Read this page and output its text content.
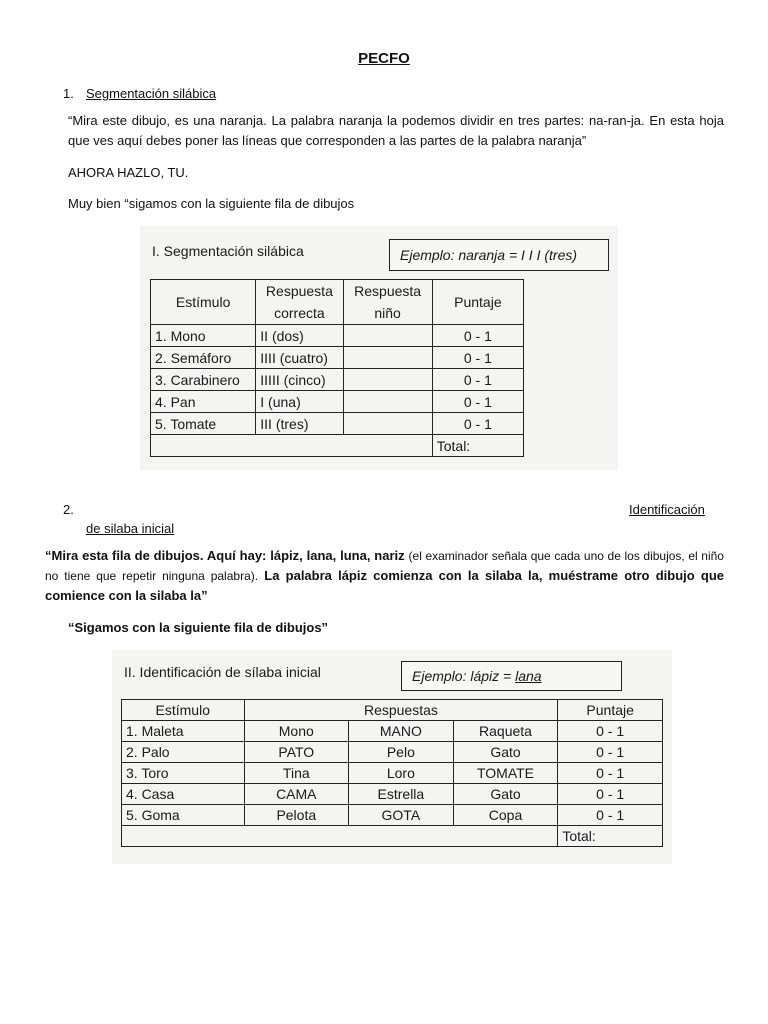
PECFO
1. Segmentación silábica
“Mira este dibujo, es una naranja. La palabra naranja la podemos dividir en tres partes: na-ran-ja. En esta hoja que ves aquí debes poner las líneas que corresponden a las partes de la palabra naranja”
AHORA HAZLO, TU.
Muy bien “sigamos con la siguiente fila de dibujos
I. Segmentación silábica	Ejemplo: naranja = I I I (tres)
Estímulo	Respuesta correcta	Respuesta niño	Puntaje
1. Mono	II (dos)		0 - 1
2. Semáforo	IIII (cuatro)		0 - 1
3. Carabinero	IIIII (cinco)		0 - 1
4. Pan	I (una)		0 - 1
5. Tomate	III (tres)		0 - 1
			Total:
2.	Identificación
de silaba inicial
“Mira esta fila de dibujos. Aquí hay: lápiz, lana, luna, nariz (el examinador señala que cada uno de los dibujos, el niño no tiene que repetir ninguna palabra). La palabra lápiz comienza con la silaba la, muéstrame otro dibujo que comience con la silaba la”
“Sigamos con la siguiente fila de dibujos”
II. Identificación de sílaba inicial	Ejemplo: lápiz =
lana
Estímulo	Respuestas			Puntaje
1. Maleta	Mono	MANO	Raqueta	0 - 1
2. Palo	PATO	Pelo	Gato	0 - 1
3. Toro	Tina	Loro	TOMATE	0 - 1
4. Casa	CAMA	Estrella	Gato	0 - 1
5. Goma	Pelota	GOTA	Copa	0 - 1
				Total:
